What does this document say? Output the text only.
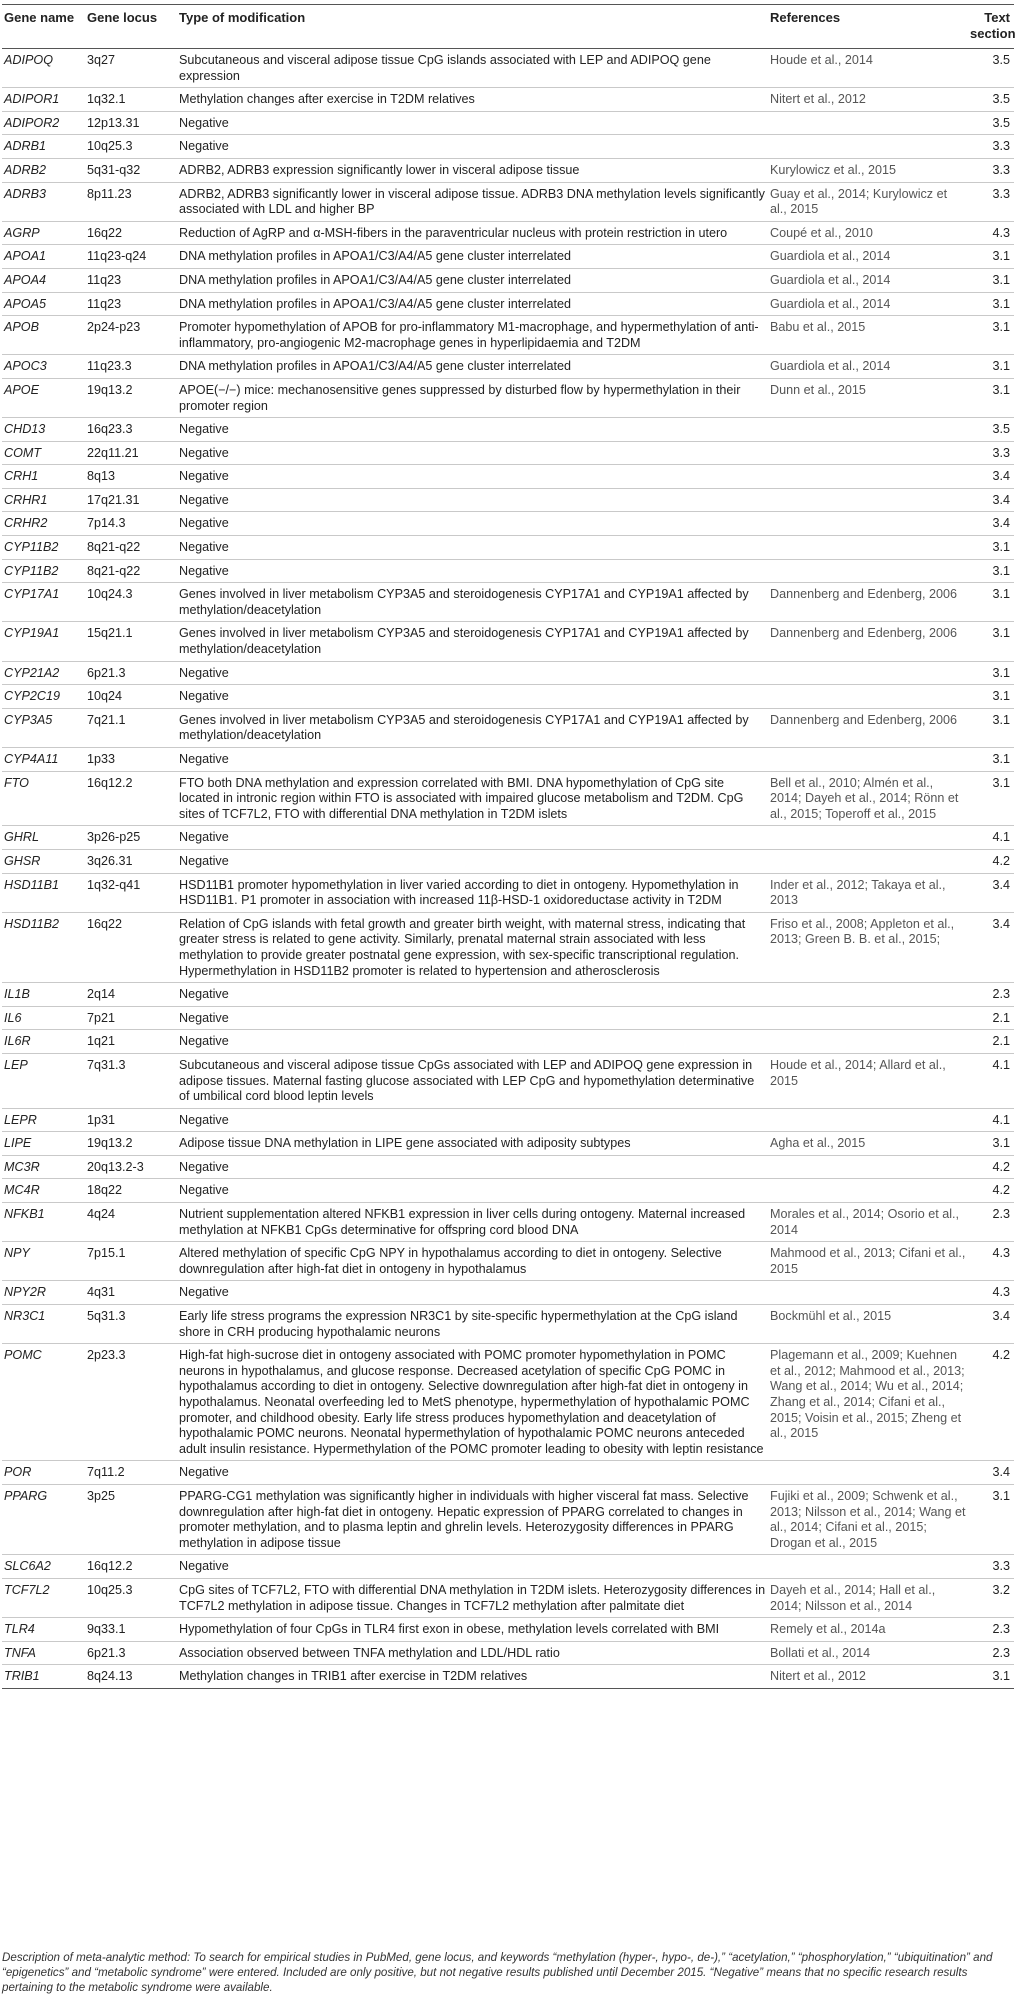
Gene name	Gene locus	Type of modification	References	Text section
ADIPOQ	3q27	Subcutaneous and visceral adipose tissue CpG islands associated with LEP and ADIPOQ gene expression	Houde et al., 2014	3.5
ADIPOR1	1q32.1	Methylation changes after exercise in T2DM relatives	Nitert et al., 2012	3.5
ADIPOR2	12p13.31	Negative		3.5
ADRB1	10q25.3	Negative		3.3
ADRB2	5q31-q32	ADRB2, ADRB3 expression significantly lower in visceral adipose tissue	Kurylowicz et al., 2015	3.3
ADRB3	8p11.23	ADRB2, ADRB3 significantly lower in visceral adipose tissue. ADRB3 DNA methylation levels significantly associated with LDL and higher BP	Guay et al., 2014; Kurylowicz et al., 2015	3.3
AGRP	16q22	Reduction of AgRP and α-MSH-fibers in the paraventricular nucleus with protein restriction in utero	Coupé et al., 2010	4.3
APOA1	11q23-q24	DNA methylation profiles in APOA1/C3/A4/A5 gene cluster interrelated	Guardiola et al., 2014	3.1
APOA4	11q23	DNA methylation profiles in APOA1/C3/A4/A5 gene cluster interrelated	Guardiola et al., 2014	3.1
APOA5	11q23	DNA methylation profiles in APOA1/C3/A4/A5 gene cluster interrelated	Guardiola et al., 2014	3.1
APOB	2p24-p23	Promoter hypomethylation of APOB for pro-inflammatory M1-macrophage, and hypermethylation of anti-inflammatory, pro-angiogenic M2-macrophage genes in hyperlipidaemia and T2DM	Babu et al., 2015	3.1
APOC3	11q23.3	DNA methylation profiles in APOA1/C3/A4/A5 gene cluster interrelated	Guardiola et al., 2014	3.1
APOE	19q13.2	APOE(−/−) mice: mechanosensitive genes suppressed by disturbed flow by hypermethylation in their promoter region	Dunn et al., 2015	3.1
CHD13	16q23.3	Negative		3.5
COMT	22q11.21	Negative		3.3
CRH1	8q13	Negative		3.4
CRHR1	17q21.31	Negative		3.4
CRHR2	7p14.3	Negative		3.4
CYP11B2	8q21-q22	Negative		3.1
CYP11B2	8q21-q22	Negative		3.1
CYP17A1	10q24.3	Genes involved in liver metabolism CYP3A5 and steroidogenesis CYP17A1 and CYP19A1 affected by methylation/deacetylation	Dannenberg and Edenberg, 2006	3.1
CYP19A1	15q21.1	Genes involved in liver metabolism CYP3A5 and steroidogenesis CYP17A1 and CYP19A1 affected by methylation/deacetylation	Dannenberg and Edenberg, 2006	3.1
CYP21A2	6p21.3	Negative		3.1
CYP2C19	10q24	Negative		3.1
CYP3A5	7q21.1	Genes involved in liver metabolism CYP3A5 and steroidogenesis CYP17A1 and CYP19A1 affected by methylation/deacetylation	Dannenberg and Edenberg, 2006	3.1
CYP4A11	1p33	Negative		3.1
FTO	16q12.2	FTO both DNA methylation and expression correlated with BMI. DNA hypomethylation of CpG site located in intronic region within FTO is associated with impaired glucose metabolism and T2DM. CpG sites of TCF7L2, FTO with differential DNA methylation in T2DM islets	Bell et al., 2010; Almén et al., 2014; Dayeh et al., 2014; Rönn et al., 2015; Toperoff et al., 2015	3.1
GHRL	3p26-p25	Negative		4.1
GHSR	3q26.31	Negative		4.2
HSD11B1	1q32-q41	HSD11B1 promoter hypomethylation in liver varied according to diet in ontogeny. Hypomethylation in HSD11B1. P1 promoter in association with increased 11β-HSD-1 oxidoreductase activity in T2DM	Inder et al., 2012; Takaya et al., 2013	3.4
HSD11B2	16q22	Relation of CpG islands with fetal growth and greater birth weight, with maternal stress, indicating that greater stress is related to gene activity. Similarly, prenatal maternal strain associated with less methylation to provide greater postnatal gene expression, with sex-specific transcriptional regulation. Hypermethylation in HSD11B2 promoter is related to hypertension and atherosclerosis	Friso et al., 2008; Appleton et al., 2013; Green B. B. et al., 2015;	3.4
IL1B	2q14	Negative		2.3
IL6	7p21	Negative		2.1
IL6R	1q21	Negative		2.1
LEP	7q31.3	Subcutaneous and visceral adipose tissue CpGs associated with LEP and ADIPOQ gene expression in adipose tissues. Maternal fasting glucose associated with LEP CpG and hypomethylation determinative of umbilical cord blood leptin levels	Houde et al., 2014; Allard et al., 2015	4.1
LEPR	1p31	Negative		4.1
LIPE	19q13.2	Adipose tissue DNA methylation in LIPE gene associated with adiposity subtypes	Agha et al., 2015	3.1
MC3R	20q13.2-3	Negative		4.2
MC4R	18q22	Negative		4.2
NFKB1	4q24	Nutrient supplementation altered NFKB1 expression in liver cells during ontogeny. Maternal increased methylation at NFKB1 CpGs determinative for offspring cord blood DNA	Morales et al., 2014; Osorio et al., 2014	2.3
NPY	7p15.1	Altered methylation of specific CpG NPY in hypothalamus according to diet in ontogeny. Selective downregulation after high-fat diet in ontogeny in hypothalamus	Mahmood et al., 2013; Cifani et al., 2015	4.3
NPY2R	4q31	Negative		4.3
NR3C1	5q31.3	Early life stress programs the expression NR3C1 by site-specific hypermethylation at the CpG island shore in CRH producing hypothalamic neurons	Bockmühl et al., 2015	3.4
POMC	2p23.3	High-fat high-sucrose diet in ontogeny associated with POMC promoter hypomethylation in POMC neurons in hypothalamus, and glucose response. Decreased acetylation of specific CpG POMC in hypothalamus according to diet in ontogeny. Selective downregulation after high-fat diet in ontogeny in hypothalamus. Neonatal overfeeding led to MetS phenotype, hypermethylation of hypothalamic POMC promoter, and childhood obesity. Early life stress produces hypomethylation and deacetylation of hypothalamic POMC neurons. Neonatal hypermethylation of hypothalamic POMC neurons anteceded adult insulin resistance. Hypermethylation of the POMC promoter leading to obesity with leptin resistance	Plagemann et al., 2009; Kuehnen et al., 2012; Mahmood et al., 2013; Wang et al., 2014; Wu et al., 2014; Zhang et al., 2014; Cifani et al., 2015; Voisin et al., 2015; Zheng et al., 2015	4.2
POR	7q11.2	Negative		3.4
PPARG	3p25	PPARG-CG1 methylation was significantly higher in individuals with higher visceral fat mass. Selective downregulation after high-fat diet in ontogeny. Hepatic expression of PPARG correlated to changes in promoter methylation, and to plasma leptin and ghrelin levels. Heterozygosity differences in PPARG methylation in adipose tissue	Fujiki et al., 2009; Schwenk et al., 2013; Nilsson et al., 2014; Wang et al., 2014; Cifani et al., 2015; Drogan et al., 2015	3.1
SLC6A2	16q12.2	Negative		3.3
TCF7L2	10q25.3	CpG sites of TCF7L2, FTO with differential DNA methylation in T2DM islets. Heterozygosity differences in TCF7L2 methylation in adipose tissue. Changes in TCF7L2 methylation after palmitate diet	Dayeh et al., 2014; Hall et al., 2014; Nilsson et al., 2014	3.2
TLR4	9q33.1	Hypomethylation of four CpGs in TLR4 first exon in obese, methylation levels correlated with BMI	Remely et al., 2014a	2.3
TNFA	6p21.3	Association observed between TNFA methylation and LDL/HDL ratio	Bollati et al., 2014	2.3
TRIB1	8q24.13	Methylation changes in TRIB1 after exercise in T2DM relatives	Nitert et al., 2012	3.1
Description of meta-analytic method: To search for empirical studies in PubMed, gene locus, and keywords “methylation (hyper-, hypo-, de-),” “acetylation,” “phosphorylation,” “ubiquitination” and “epigenetics” and “metabolic syndrome” were entered. Included are only positive, but not negative results published until December 2015. “Negative” means that no specific research results pertaining to the metabolic syndrome were available.
